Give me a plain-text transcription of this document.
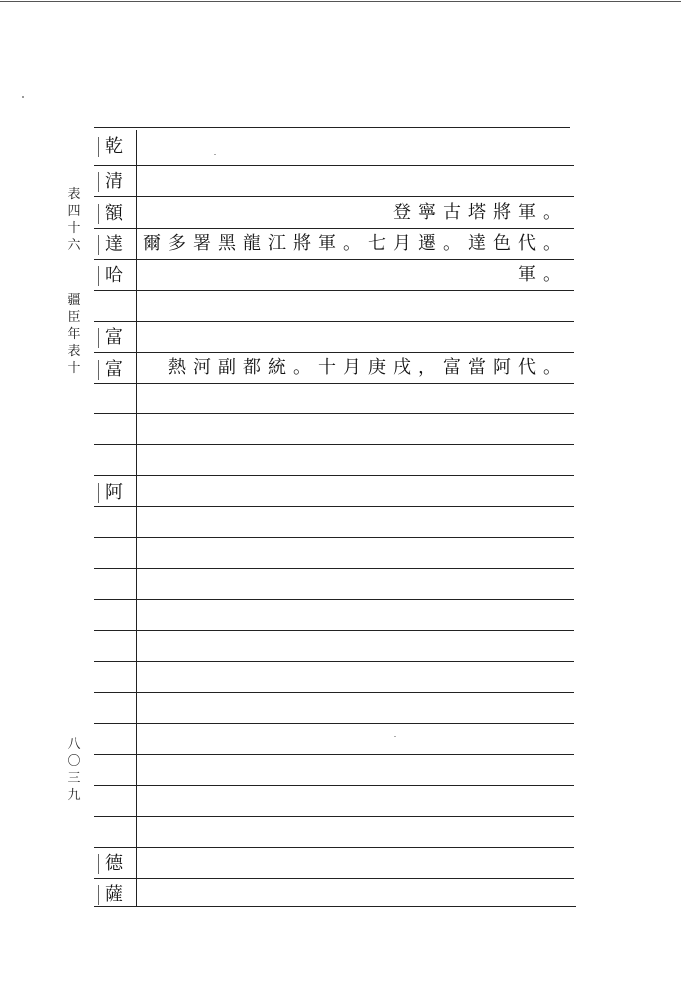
表
四
十
六
疆
臣
年
表
十
八
〇
三
九
乾
清
額
達
哈
富
富
阿
德
薩
登寧古塔將軍。
爾多署黑龍江將軍。七月遷。達色代。
軍。
熱河副都統。十月庚戌，富當阿代。
